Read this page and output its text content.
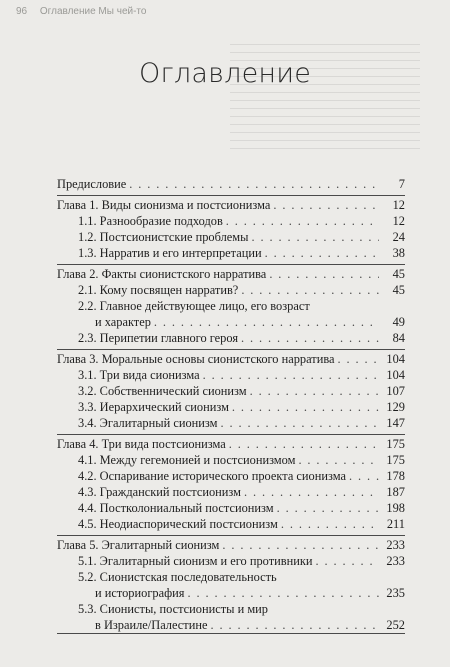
96 Оглавление Мы чей-то
Оглавление
Предисловие . . .	7
Глава 1. Виды сионизма и постсионизма . . .	12
1.1. Разнообразие подходов . . .	12
1.2. Постсионистские проблемы . . .	24
1.3. Нарратив и его интерпретации . . .	38
Глава 2. Факты сионистского нарратива . . .	45
2.1. Кому посвящен нарратив? . . .	45
2.2. Главное действующее лицо, его возраст
и характер . . .	49
2.3. Перипетии главного героя . . .	84
Глава 3. Моральные основы сионистского нарратива . . .	104
3.1. Три вида сионизма . . .	104
3.2. Собственнический сионизм . . .	107
3.3. Иерархический сионизм . . .	129
3.4. Эгалитарный сионизм . . .	147
Глава 4. Три вида постсионизма . . .	175
4.1. Между гегемонией и постсионизмом . . .	175
4.2. Оспаривание исторического проекта сионизма . . .	178
4.3. Гражданский постсионизм . . .	187
4.4. Постколониальный постсионизм . . .	198
4.5. Неодиаспорический постсионизм . . .	211
Глава 5. Эгалитарный сионизм . . .	233
5.1. Эгалитарный сионизм и его противники . . .	233
5.2. Сионистская последовательность
и историография . . .	235
5.3. Сионисты, постсионисты и мир
в Израиле/Палестине . . .	252
